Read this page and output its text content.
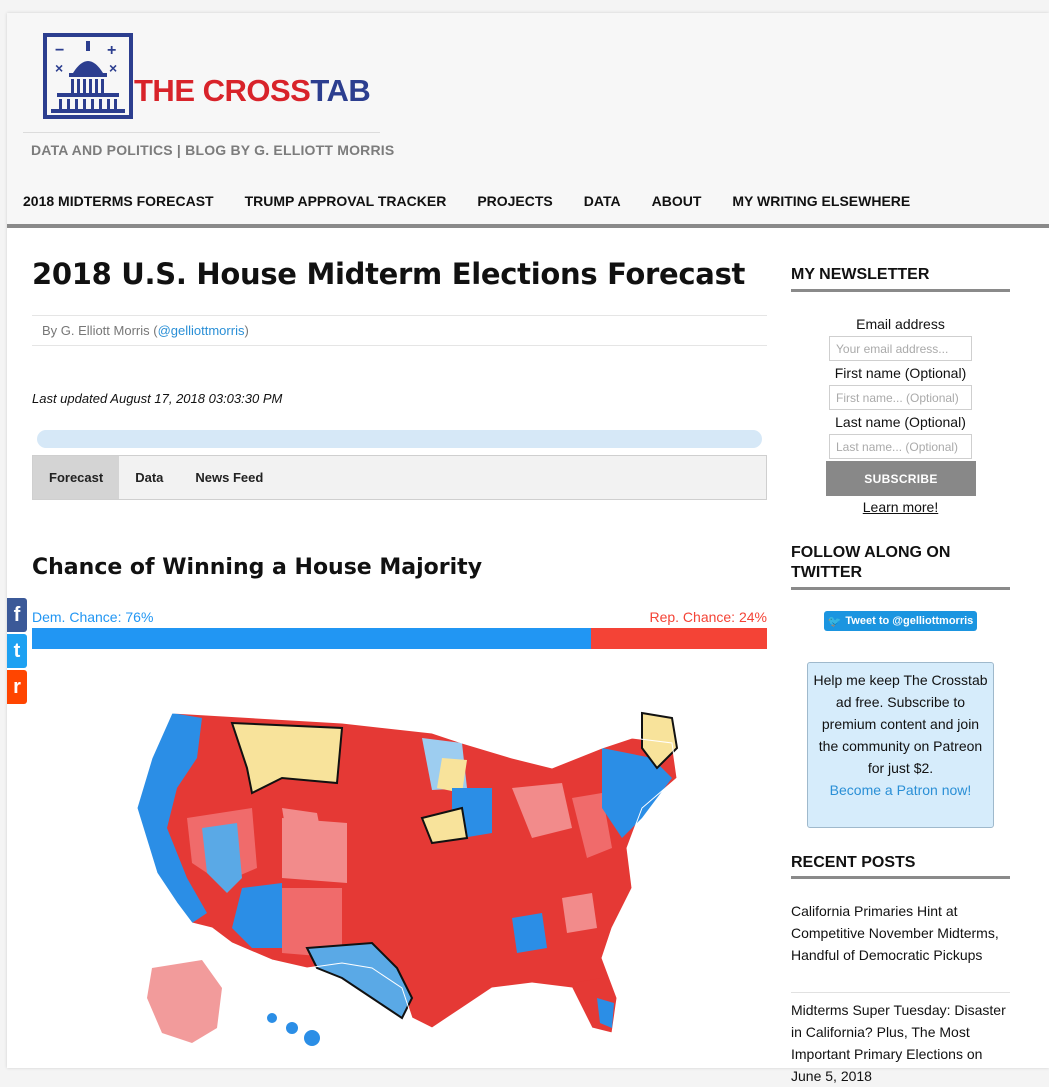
−	+
×	×
THE CROSSTAB
DATA AND POLITICS | BLOG BY G. ELLIOTT MORRIS
2018 MIDTERMS FORECAST TRUMP APPROVAL TRACKER PROJECTS DATA ABOUT MY WRITING ELSEWHERE
2018 U.S. House Midterm Elections Forecast
By G. Elliott Morris (@gelliottmorris)
Last updated August 17, 2018 03:03:30 PM
Forecast	Data	News Feed
Chance of Winning a House Majority
Dem. Chance: 76%	Rep. Chance: 24%
f
t
r
MY NEWSLETTER
Email address
Your email address...
First name (Optional)
First name... (Optional)
Last name (Optional)
Last name... (Optional)
SUBSCRIBE
Learn more!
FOLLOW ALONG ON TWITTER
🐦 Tweet to @gelliottmorris
Help me keep The Crosstab ad free. Subscribe to premium content and join the community on Patreon for just $2.
Become a Patron now!
RECENT POSTS
California Primaries Hint at Competitive November Midterms, Handful of Democratic Pickups
Midterms Super Tuesday: Disaster in California? Plus, The Most Important Primary Elections on June 5, 2018
